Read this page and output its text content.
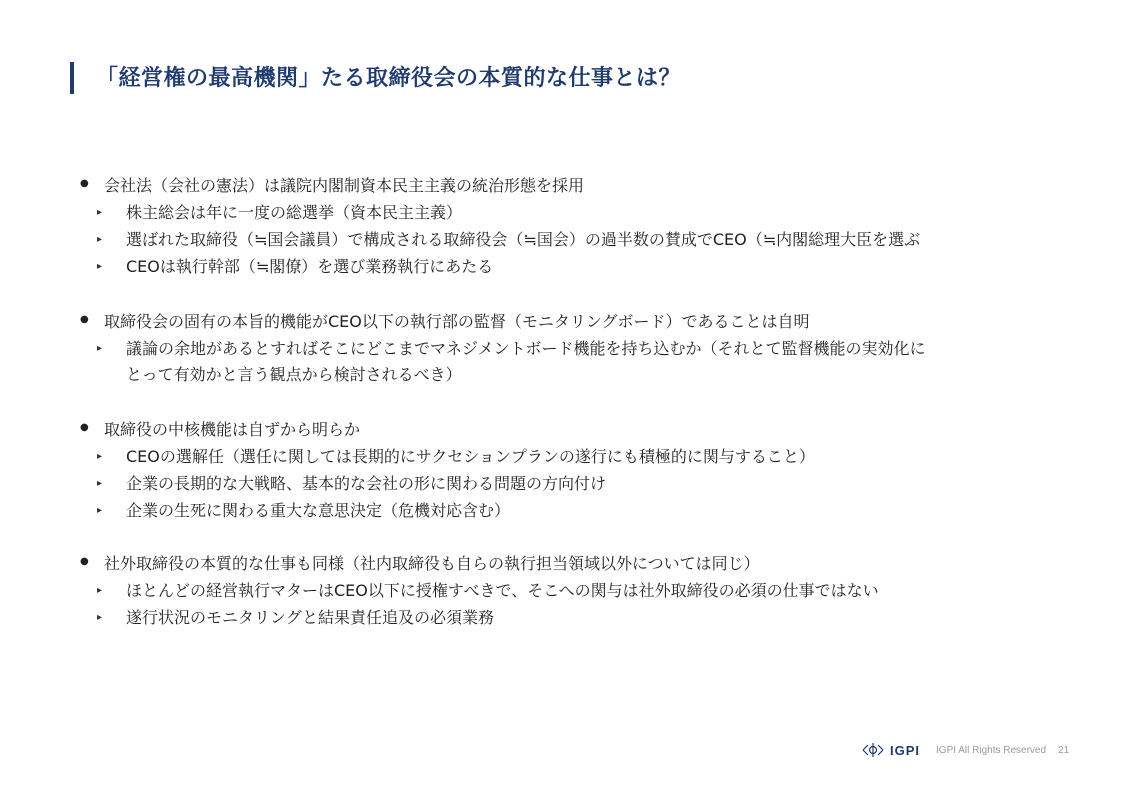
「経営権の最高機関」たる取締役会の本質的な仕事とは？
● 会社法（会社の憲法）は議院内閣制資本民主主義の統治形態を採用
▸ 株主総会は年に一度の総選挙（資本民主主義）
▸ 選ばれた取締役（≒国会議員）で構成される取締役会（≒国会）の過半数の賛成でCEO（≒内閣総理大臣を選ぶ
▸ CEOは執行幹部（≒閣僚）を選び業務執行にあたる
● 取締役会の固有の本旨的機能がCEO以下の執行部の監督（モニタリングボード）であることは自明
▸ 議論の余地があるとすればそこにどこまでマネジメントボード機能を持ち込むか（それとて監督機能の実効化に
とって有効かと言う観点から検討されるべき）
● 取締役の中核機能は自ずから明らか
▸ CEOの選解任（選任に関しては長期的にサクセションプランの遂行にも積極的に関与すること）
▸ 企業の長期的な大戦略、基本的な会社の形に関わる問題の方向付け
▸ 企業の生死に関わる重大な意思決定（危機対応含む）
● 社外取締役の本質的な仕事も同様（社内取締役も自らの執行担当領域以外については同じ）
▸ ほとんどの経営執行マターはCEO以下に授権すべきで、そこへの関与は社外取締役の必須の仕事ではない
▸ 遂行状況のモニタリングと結果責任追及の必須業務
IGPI IGPI All Rights Reserved 21
